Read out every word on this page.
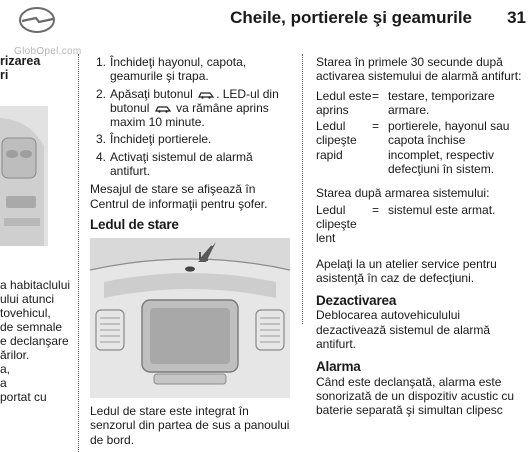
GlobOpel.com
Cheile, portierele şi geamurile 31
rizarea
ri
a habitaclului
ului atunci
tovehicul,
de semnale
e declanşare
ărilor.
a,
a
portat cu
1. Închideţi hayonul, capota, geamurile şi trapa.
2. Apăsaţi butonul . LED-ul din butonul va rămâne aprins maxim 10 minute.
3. Închideţi portierele.
4. Activaţi sistemul de alarmă antifurt.
Mesajul de stare se afişează în Centrul de informaţii pentru şofer.
Ledul de stare
Ledul de stare este integrat în senzorul din partea de sus a panoului de bord.
Starea în primele 30 secunde după activarea sistemului de alarmă antifurt:
Ledul este aprins
= testare, temporizare armare.
Ledul clipeşte rapid
= portierele, hayonul sau capota închise incomplet, respectiv defecţiuni în sistem.
Starea după armarea sistemului:
Ledul clipeşte lent
= sistemul este armat.
Apelaţi la un atelier service pentru asistenţă în caz de defecţiuni.
Dezactivarea
Deblocarea autovehiculului dezactivează sistemul de alarmă antifurt.
Alarma
Când este declanşată, alarma este sonorizată de un dispozitiv acustic cu baterie separată şi simultan clipesc
